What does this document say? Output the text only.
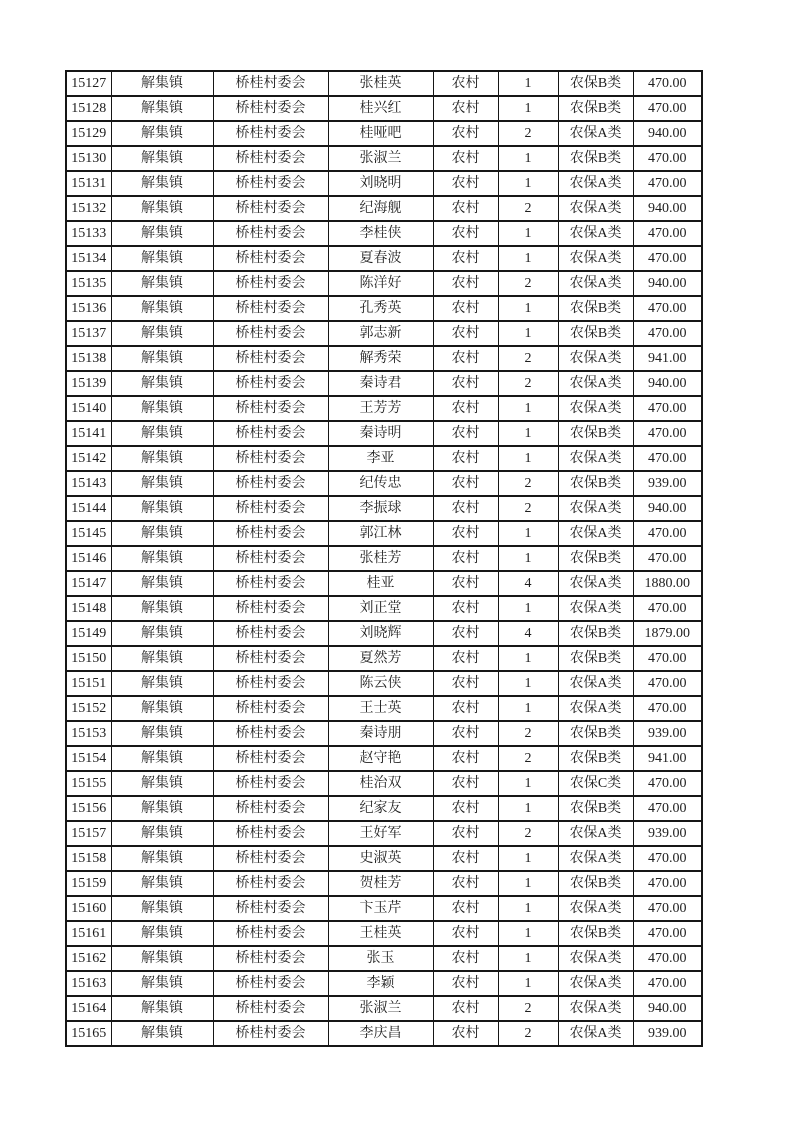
15127	解集镇	桥桂村委会	张桂英	农村	1	农保B类	470.00
15128	解集镇	桥桂村委会	桂兴红	农村	1	农保B类	470.00
15129	解集镇	桥桂村委会	桂哑吧	农村	2	农保A类	940.00
15130	解集镇	桥桂村委会	张淑兰	农村	1	农保B类	470.00
15131	解集镇	桥桂村委会	刘晓明	农村	1	农保A类	470.00
15132	解集镇	桥桂村委会	纪海舰	农村	2	农保A类	940.00
15133	解集镇	桥桂村委会	李桂侠	农村	1	农保A类	470.00
15134	解集镇	桥桂村委会	夏春波	农村	1	农保A类	470.00
15135	解集镇	桥桂村委会	陈洋好	农村	2	农保A类	940.00
15136	解集镇	桥桂村委会	孔秀英	农村	1	农保B类	470.00
15137	解集镇	桥桂村委会	郭志新	农村	1	农保B类	470.00
15138	解集镇	桥桂村委会	解秀荣	农村	2	农保A类	941.00
15139	解集镇	桥桂村委会	秦诗君	农村	2	农保A类	940.00
15140	解集镇	桥桂村委会	王芳芳	农村	1	农保A类	470.00
15141	解集镇	桥桂村委会	秦诗明	农村	1	农保B类	470.00
15142	解集镇	桥桂村委会	李亚	农村	1	农保A类	470.00
15143	解集镇	桥桂村委会	纪传忠	农村	2	农保B类	939.00
15144	解集镇	桥桂村委会	李振球	农村	2	农保A类	940.00
15145	解集镇	桥桂村委会	郭江林	农村	1	农保A类	470.00
15146	解集镇	桥桂村委会	张桂芳	农村	1	农保B类	470.00
15147	解集镇	桥桂村委会	桂亚	农村	4	农保A类	1880.00
15148	解集镇	桥桂村委会	刘正堂	农村	1	农保A类	470.00
15149	解集镇	桥桂村委会	刘晓辉	农村	4	农保B类	1879.00
15150	解集镇	桥桂村委会	夏然芳	农村	1	农保B类	470.00
15151	解集镇	桥桂村委会	陈云侠	农村	1	农保A类	470.00
15152	解集镇	桥桂村委会	王士英	农村	1	农保A类	470.00
15153	解集镇	桥桂村委会	秦诗朋	农村	2	农保B类	939.00
15154	解集镇	桥桂村委会	赵守艳	农村	2	农保B类	941.00
15155	解集镇	桥桂村委会	桂治双	农村	1	农保C类	470.00
15156	解集镇	桥桂村委会	纪家友	农村	1	农保B类	470.00
15157	解集镇	桥桂村委会	王好军	农村	2	农保A类	939.00
15158	解集镇	桥桂村委会	史淑英	农村	1	农保A类	470.00
15159	解集镇	桥桂村委会	贺桂芳	农村	1	农保B类	470.00
15160	解集镇	桥桂村委会	卞玉芹	农村	1	农保A类	470.00
15161	解集镇	桥桂村委会	王桂英	农村	1	农保B类	470.00
15162	解集镇	桥桂村委会	张玉	农村	1	农保A类	470.00
15163	解集镇	桥桂村委会	李颖	农村	1	农保A类	470.00
15164	解集镇	桥桂村委会	张淑兰	农村	2	农保A类	940.00
15165	解集镇	桥桂村委会	李庆昌	农村	2	农保A类	939.00
